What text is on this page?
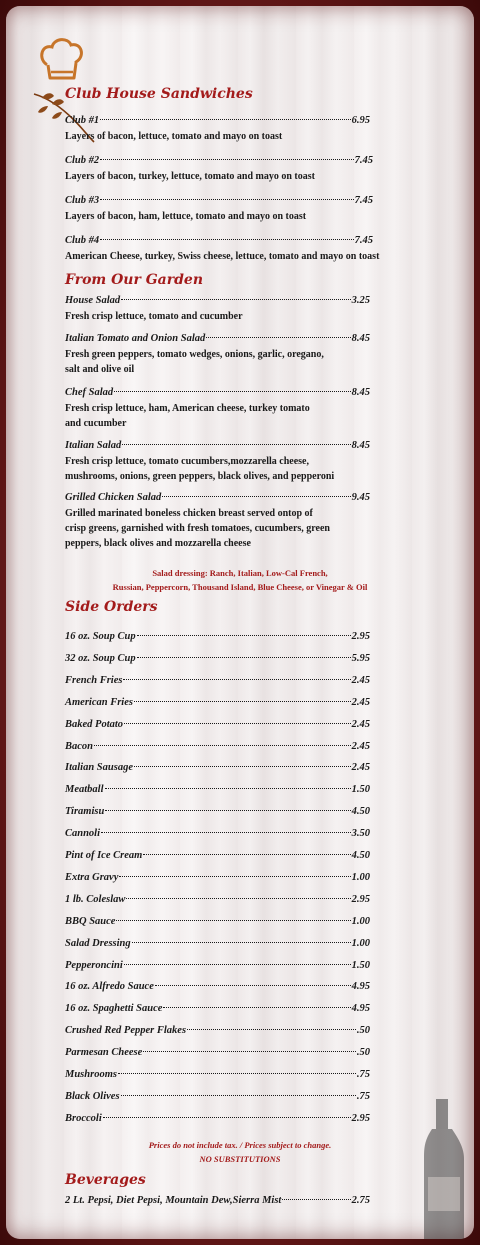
Club House Sandwiches
Club #1	6.95
Layers of bacon, lettuce, tomato and mayo on toast
Club #2	7.45
Layers of bacon, turkey, lettuce, tomato and mayo on toast
Club #3	7.45
Layers of bacon, ham, lettuce, tomato and mayo on toast
Club #4	7.45
American Cheese, turkey, Swiss cheese, lettuce, tomato and mayo on toast
From Our Garden
House Salad	3.25
Fresh crisp lettuce, tomato and cucumber
Italian Tomato and Onion Salad	8.45
Fresh green peppers, tomato wedges, onions, garlic, oregano,
salt and olive oil
Chef Salad	8.45
Fresh crisp lettuce, ham, American cheese, turkey tomato
and cucumber
Italian Salad	8.45
Fresh crisp lettuce, tomato cucumbers,mozzarella cheese,
mushrooms, onions, green peppers, black olives, and pepperoni
Grilled Chicken Salad	9.45
Grilled marinated boneless chicken breast served ontop of
crisp greens, garnished with fresh tomatoes, cucumbers, green
peppers, black olives and mozzarella cheese
Salad dressing: Ranch, Italian, Low-Cal French,
Russian, Peppercorn, Thousand Island, Blue Cheese, or Vinegar & Oil
Side Orders
16 oz. Soup Cup	2.95
32 oz. Soup Cup	5.95
French Fries	2.45
American Fries	2.45
Baked Potato	2.45
Bacon	2.45
Italian Sausage	2.45
Meatball	1.50
Tiramisu	4.50
Cannoli	3.50
Pint of Ice Cream	4.50
Extra Gravy	1.00
1 lb. Coleslaw	2.95
BBQ Sauce	1.00
Salad Dressing	1.00
Pepperoncini	1.50
16 oz. Alfredo Sauce	4.95
16 oz. Spaghetti Sauce	4.95
Crushed Red Pepper Flakes	.50
Parmesan Cheese	.50
Mushrooms	.75
Black Olives	.75
Broccoli	2.95
Prices do not include tax. / Prices subject to change.
NO SUBSTITUTIONS
Beverages
2 Lt. Pepsi, Diet Pepsi, Mountain Dew,Sierra Mist	2.75
